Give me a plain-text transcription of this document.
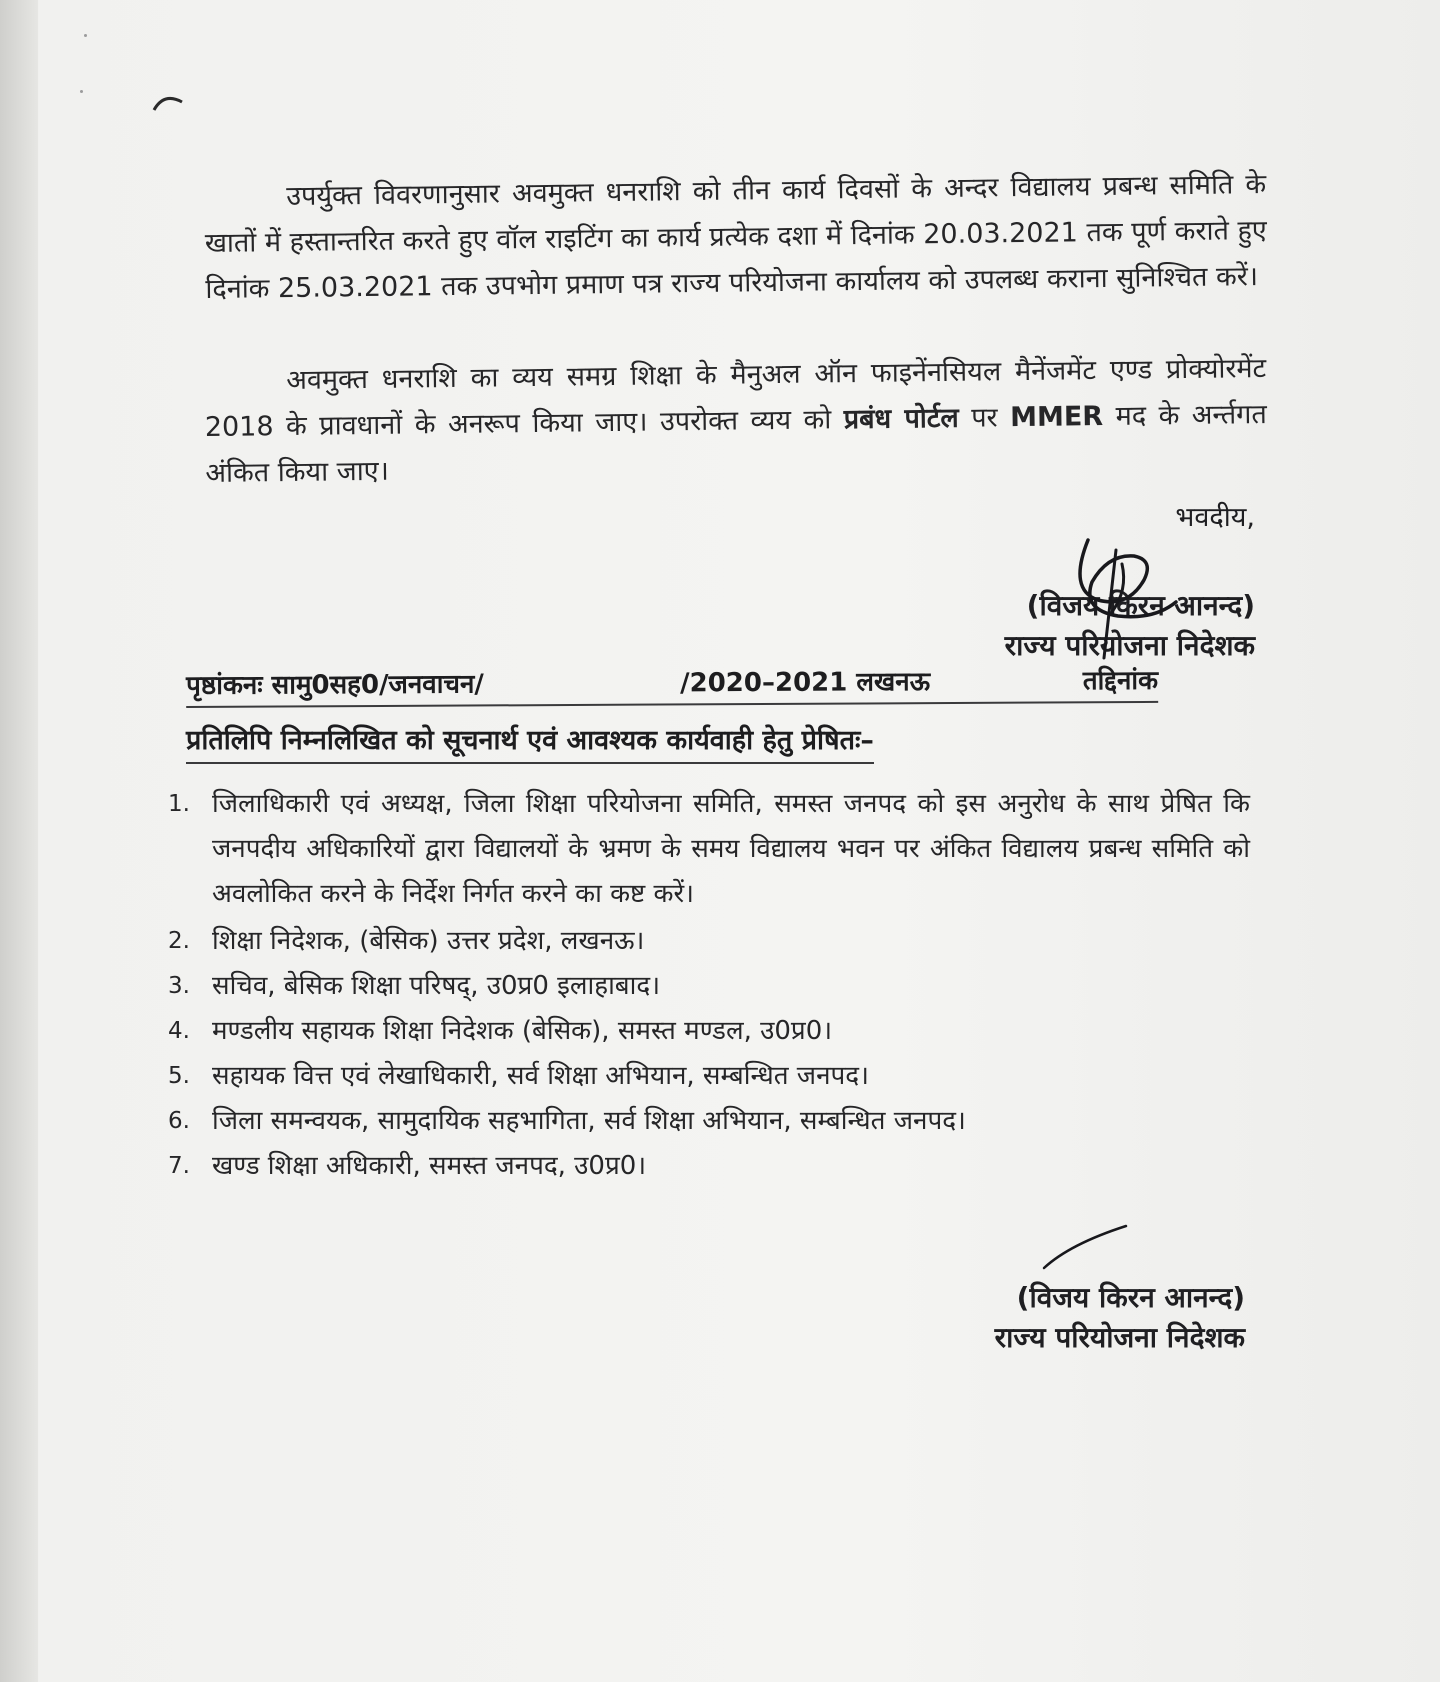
उपर्युक्त विवरणानुसार अवमुक्त धनराशि को तीन कार्य दिवसों के अन्दर विद्यालय प्रबन्ध समिति के खातों में हस्तान्तरित करते हुए वॉल राइटिंग का कार्य प्रत्येक दशा में दिनांक 20.03.2021 तक पूर्ण कराते हुए दिनांक 25.03.2021 तक उपभोग प्रमाण पत्र राज्य परियोजना कार्यालय को उपलब्ध कराना सुनिश्चित करें।

अवमुक्त धनराशि का व्यय समग्र शिक्षा के मैनुअल ऑन फाइनेंनसियल मैनेंजमेंट एण्ड प्रोक्योरमेंट 2018 के प्रावधानों के अनरूप किया जाए। उपरोक्त व्यय को प्रबंध पोर्टल पर MMER मद के अर्न्तगत अंकित किया जाए।

भवदीय,
(विजय किरन आनन्द)
राज्य परियोजना निदेशक
पृष्ठांकनः सामु0सह0/जनवाचन/	/2020–2021 लखनऊ	तद्दिनांक
प्रतिलिपि निम्नलिखित को सूचनार्थ एवं आवश्यक कार्यवाही हेतु प्रेषितः–
1. जिलाधिकारी एवं अध्यक्ष, जिला शिक्षा परियोजना समिति, समस्त जनपद को इस अनुरोध के साथ प्रेषित कि जनपदीय अधिकारियों द्वारा विद्यालयों के भ्रमण के समय विद्यालय भवन पर अंकित विद्यालय प्रबन्ध समिति को अवलोकित करने के निर्देश निर्गत करने का कष्ट करें।
2. शिक्षा निदेशक, (बेसिक) उत्तर प्रदेश, लखनऊ।
3. सचिव, बेसिक शिक्षा परिषद्, उ0प्र0 इलाहाबाद।
4. मण्डलीय सहायक शिक्षा निदेशक (बेसिक), समस्त मण्डल, उ0प्र0।
5. सहायक वित्त एवं लेखाधिकारी, सर्व शिक्षा अभियान, सम्बन्धित जनपद।
6. जिला समन्वयक, सामुदायिक सहभागिता, सर्व शिक्षा अभियान, सम्बन्धित जनपद।
7. खण्ड शिक्षा अधिकारी, समस्त जनपद, उ0प्र0।
(विजय किरन आनन्द)
राज्य परियोजना निदेशक
